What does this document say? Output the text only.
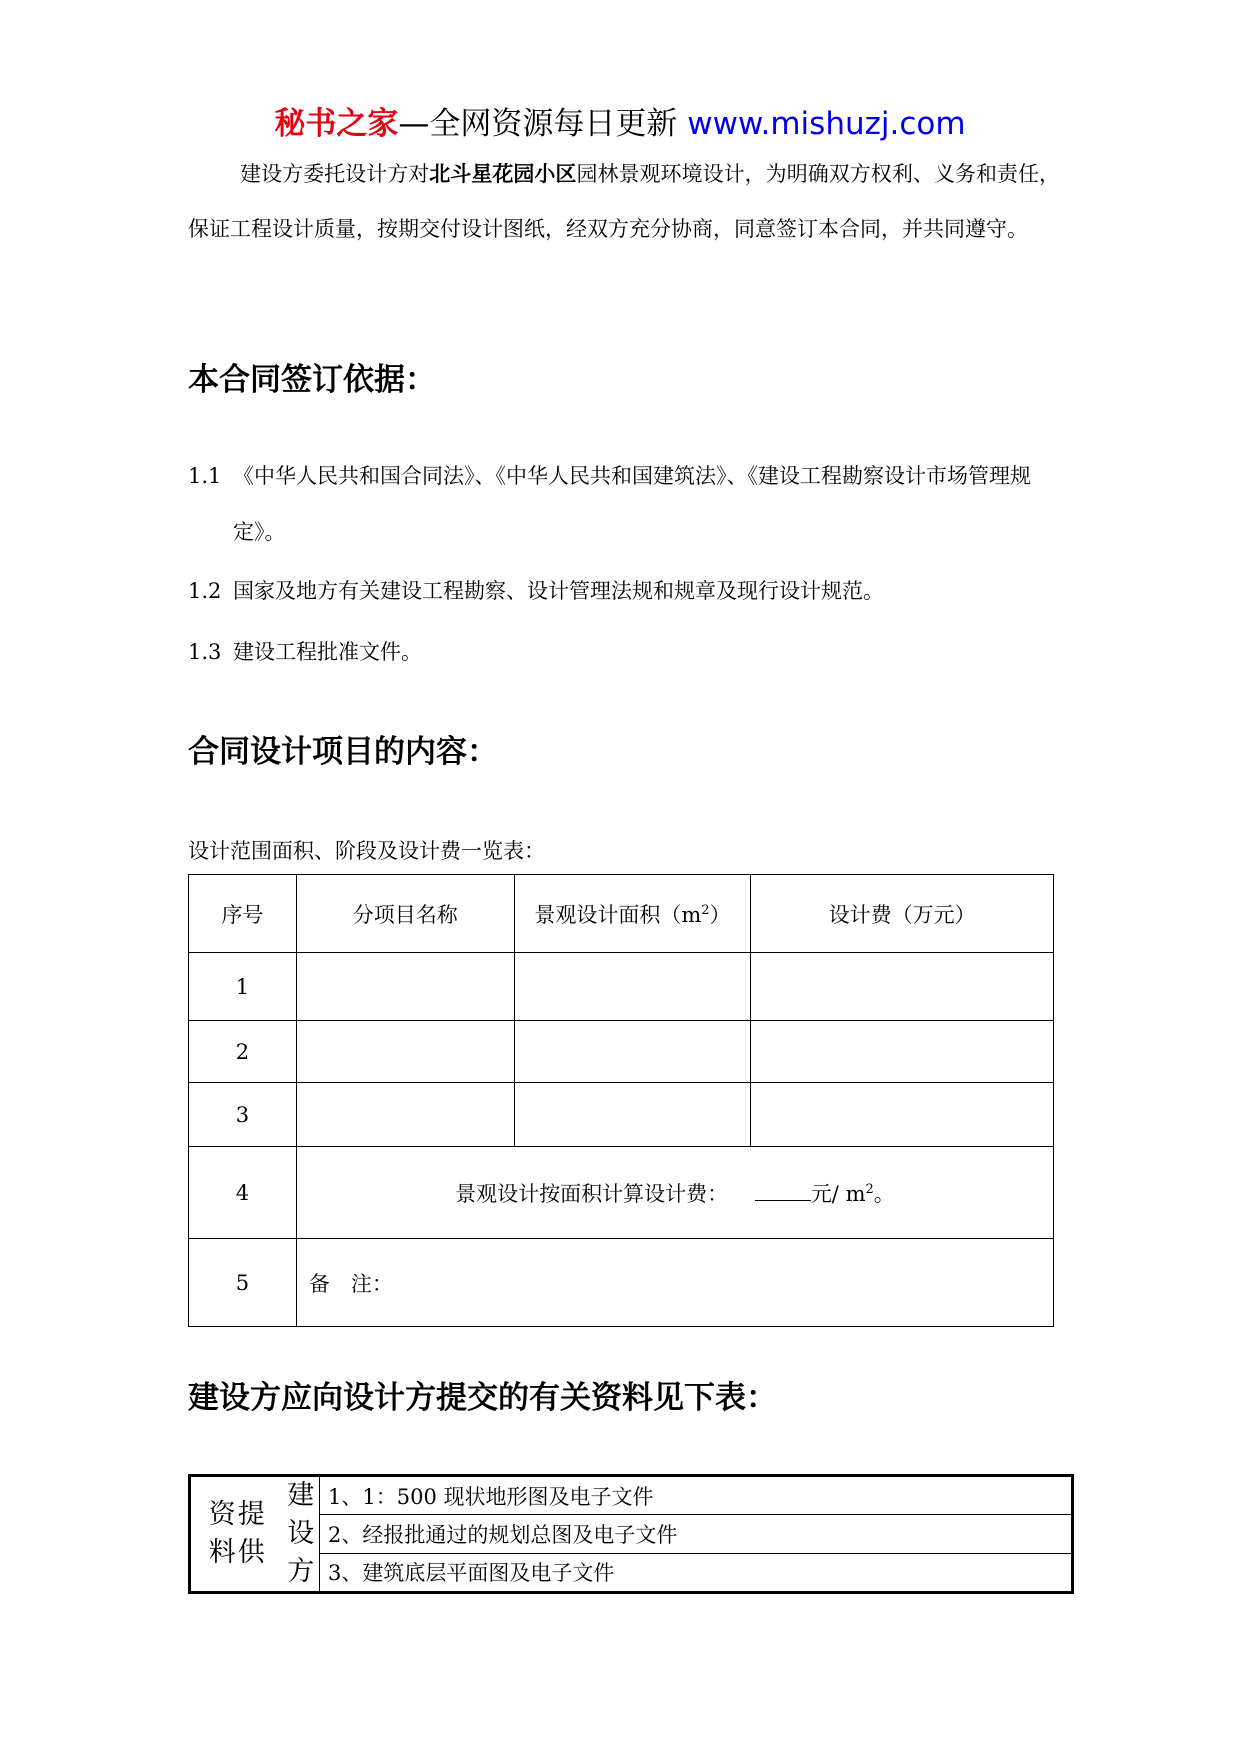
秘书之家—全网资源每日更新 www.mishuzj.com

建设方委托设计方对北斗星花园小区园林景观环境设计，为明确双方权利、义务和责任，保证工程设计质量，按期交付设计图纸，经双方充分协商，同意签订本合同，并共同遵守。

本合同签订依据：
1.1 《中华人民共和国合同法》、《中华人民共和国建筑法》、《建设工程勘察设计市场管理规定》。
1.2 国家及地方有关建设工程勘察、设计管理法规和规章及现行设计规范。
1.3 建设工程批准文件。
合同设计项目的内容：

设计范围面积、阶段及设计费一览表：

序号	分项目名称	景观设计面积$(m^2)$	设计费（万元）
1			
2			
3			
4	景观设计按面积计算设计费： 元/ $m^2$。		
5	备　注：		
建设方应向设计方提交的有关资料见下表：
资提
料供

建
设
方
	1、1：500 现状地形图及电子文件
2、经报批通过的规划总图及电子文件
3、建筑底层平面图及电子文件
